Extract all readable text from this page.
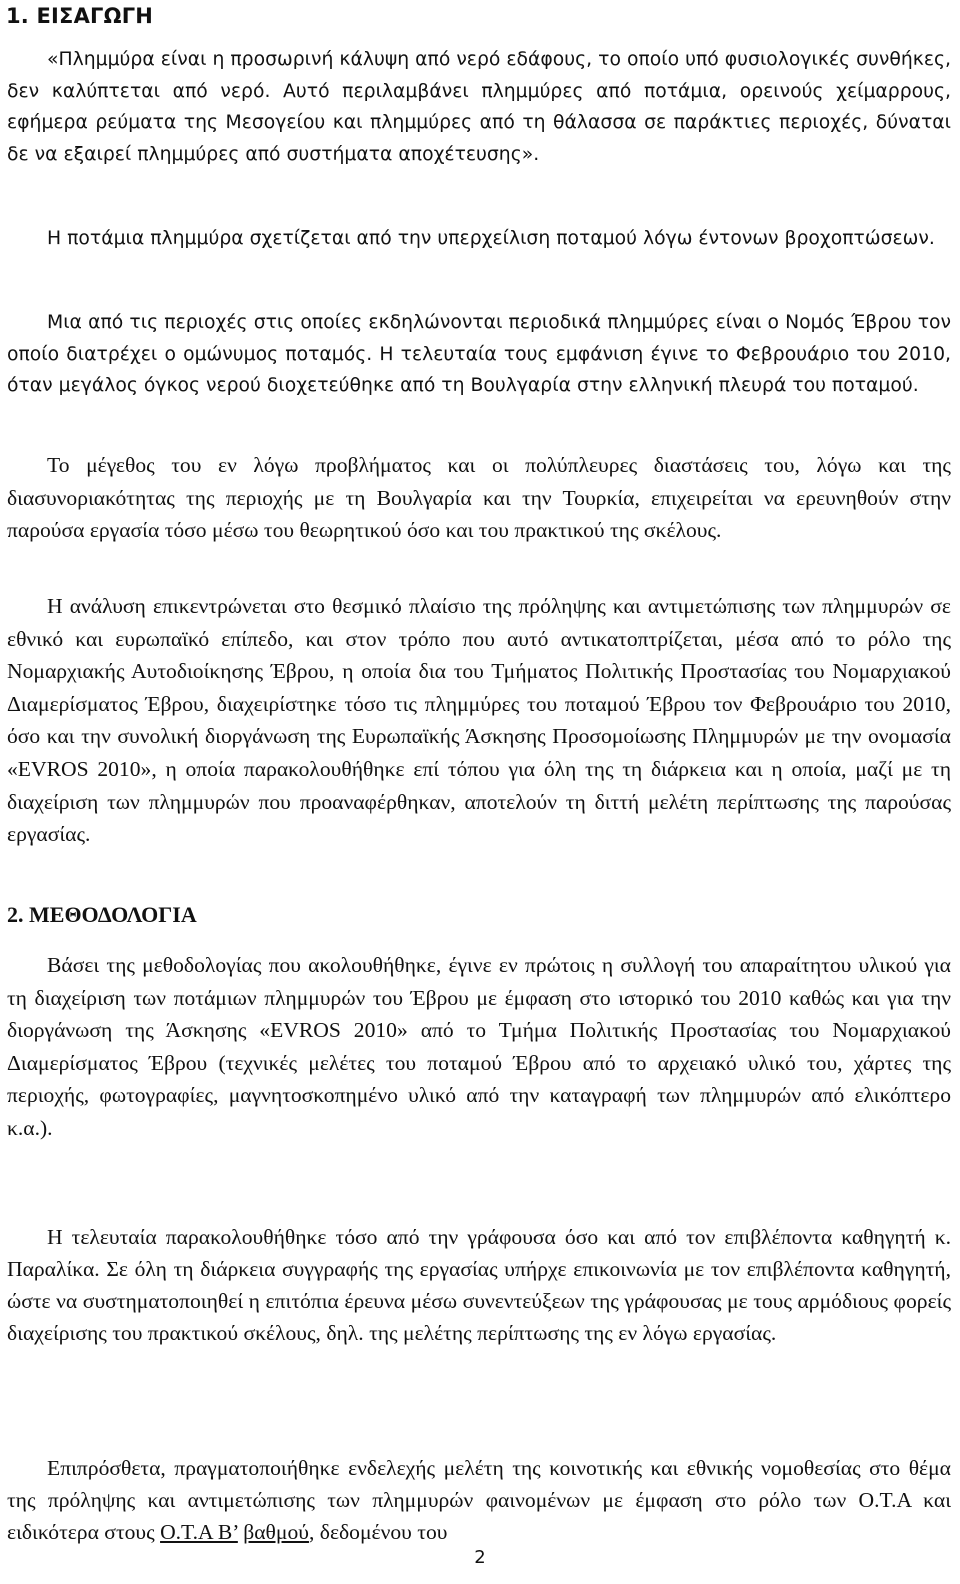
1. ΕΙΣΑΓΩΓΗ

«Πλημμύρα είναι η προσωρινή κάλυψη από νερό εδάφους, το οποίο υπό φυσιολογικές συνθήκες, δεν καλύπτεται από νερό. Αυτό περιλαμβάνει πλημμύρες από ποτάμια, ορεινούς χείμαρρους, εφήμερα ρεύματα της Μεσογείου και πλημμύρες από τη θάλασσα σε παράκτιες περιοχές, δύναται δε να εξαιρεί πλημμύρες από συστήματα αποχέτευσης».

Η ποτάμια πλημμύρα σχετίζεται από την υπερχείλιση ποταμού λόγω έντονων βροχοπτώσεων.

Μια από τις περιοχές στις οποίες εκδηλώνονται περιοδικά πλημμύρες είναι ο Νομός Έβρου τον οποίο διατρέχει ο ομώνυμος ποταμός. Η τελευταία τους εμφάνιση έγινε το Φεβρουάριο του 2010, όταν μεγάλος όγκος νερού διοχετεύθηκε από τη Βουλγαρία στην ελληνική πλευρά του ποταμού.

Το μέγεθος του εν λόγω προβλήματος και οι πολύπλευρες διαστάσεις του, λόγω και της διασυνοριακότητας της περιοχής με τη Βουλγαρία και την Τουρκία, επιχειρείται να ερευνηθούν στην παρούσα εργασία τόσο μέσω του θεωρητικού όσο και του πρακτικού της σκέλους.

Η ανάλυση επικεντρώνεται στο θεσμικό πλαίσιο της πρόληψης και αντιμετώπισης των πλημμυρών σε εθνικό και ευρωπαϊκό επίπεδο, και στον τρόπο που αυτό αντικατοπτρίζεται, μέσα από το ρόλο της Νομαρχιακής Αυτοδιοίκησης Έβρου, η οποία δια του Τμήματος Πολιτικής Προστασίας του Νομαρχιακού Διαμερίσματος Έβρου, διαχειρίστηκε τόσο τις πλημμύρες του ποταμού Έβρου τον Φεβρουάριο του 2010, όσο και την συνολική διοργάνωση της Ευρωπαϊκής Άσκησης Προσομοίωσης Πλημμυρών με την ονομασία «EVROS 2010», η οποία παρακολουθήθηκε επί τόπου για όλη της τη διάρκεια και η οποία, μαζί με τη διαχείριση των πλημμυρών που προαναφέρθηκαν, αποτελούν τη διττή μελέτη περίπτωσης της παρούσας εργασίας.

2. ΜΕΘΟΔΟΛΟΓΙΑ

Βάσει της μεθοδολογίας που ακολουθήθηκε, έγινε εν πρώτοις η συλλογή του απαραίτητου υλικού για τη διαχείριση των ποτάμιων πλημμυρών του Έβρου με έμφαση στο ιστορικό του 2010 καθώς και για την διοργάνωση της Άσκησης «EVROS 2010» από το Τμήμα Πολιτικής Προστασίας του Νομαρχιακού Διαμερίσματος Έβρου (τεχνικές μελέτες του ποταμού Έβρου από το αρχειακό υλικό του, χάρτες της περιοχής, φωτογραφίες, μαγνητοσκοπημένο υλικό από την καταγραφή των πλημμυρών από ελικόπτερο κ.α.).

Η τελευταία παρακολουθήθηκε τόσο από την γράφουσα όσο και από τον επιβλέποντα καθηγητή κ. Παραλίκα. Σε όλη τη διάρκεια συγγραφής της εργασίας υπήρχε επικοινωνία με τον επιβλέποντα καθηγητή, ώστε να συστηματοποιηθεί η επιτόπια έρευνα μέσω συνεντεύξεων της γράφουσας με τους αρμόδιους φορείς διαχείρισης του πρακτικού σκέλους, δηλ. της μελέτης περίπτωσης της εν λόγω εργασίας.

Επιπρόσθετα, πραγματοποιήθηκε ενδελεχής μελέτη της κοινοτικής και εθνικής νομοθεσίας στο θέμα της πρόληψης και αντιμετώπισης των πλημμυρών φαινομένων με έμφαση στο ρόλο των Ο.Τ.Α και ειδικότερα στους Ο.Τ.Α Β’ βαθμού, δεδομένου του

2
